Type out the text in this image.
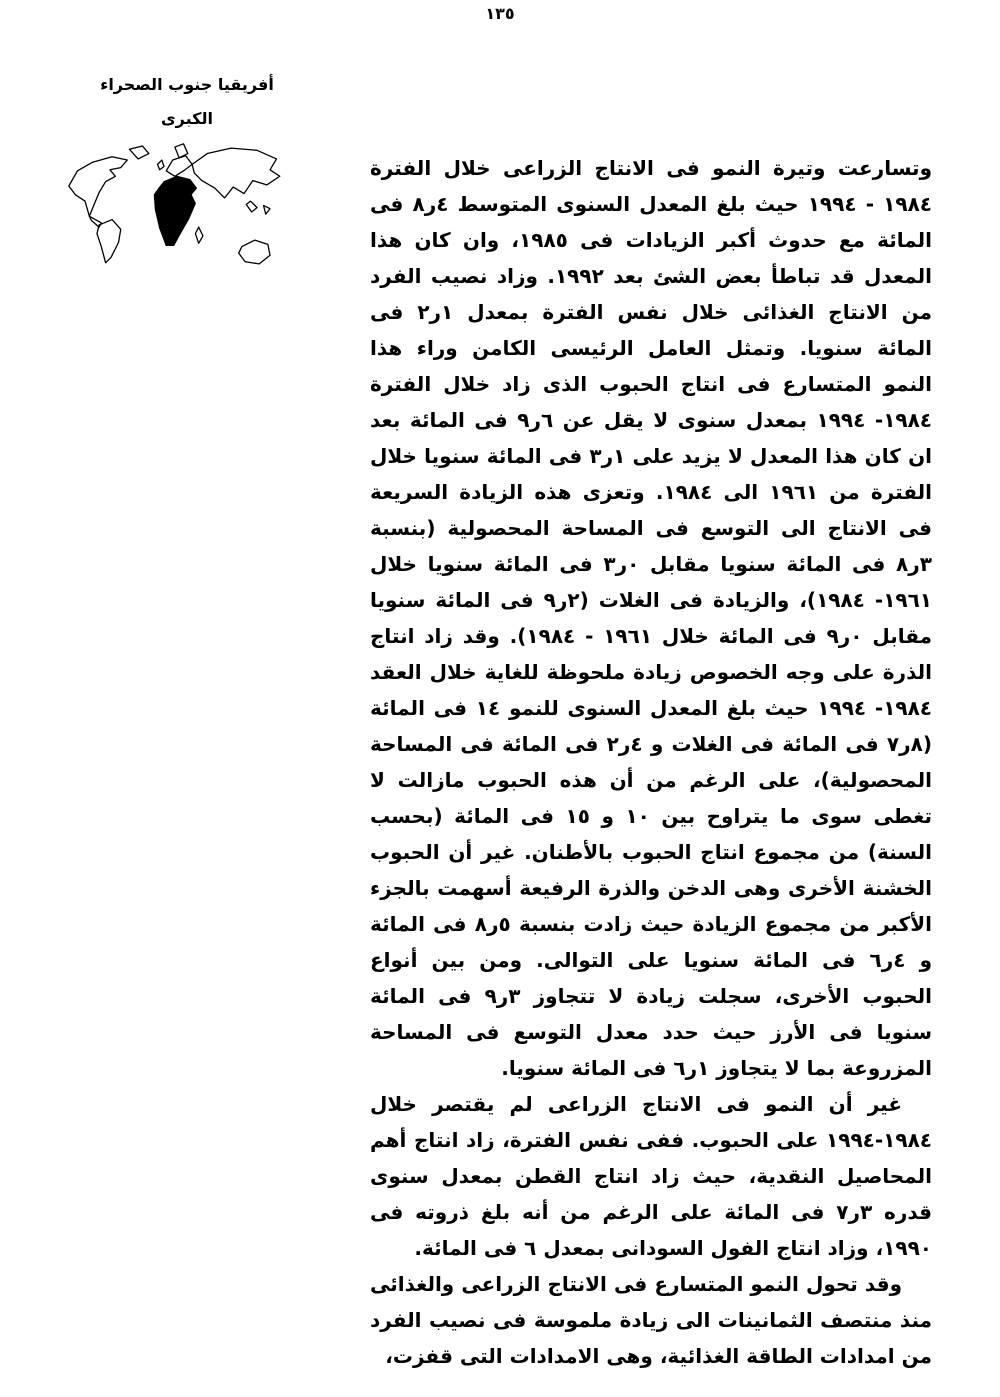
١٣٥
أفريقيا جنوب الصحراء
الكبرى

وتسارعت وتيرة النمو فى الانتاج الزراعى خلال الفترة ١٩٨٤ - ١٩٩٤ حيث بلغ المعدل السنوى المتوسط ٤ر٨ فى المائة مع حدوث أكبر الزيادات فى ١٩٨٥، وان كان هذا المعدل قد تباطأ بعض الشئ بعد ١٩٩٢. وزاد نصيب الفرد من الانتاج الغذائى خلال نفس الفترة بمعدل ١ر٢ فى المائة سنويا. وتمثل العامل الرئيسى الكامن وراء هذا النمو المتسارع فى انتاج الحبوب الذى زاد خلال الفترة ١٩٨٤- ١٩٩٤ بمعدل سنوى لا يقل عن ٦ر٩ فى المائة بعد ان كان هذا المعدل لا يزيد على ١ر٣ فى المائة سنويا خلال الفترة من ١٩٦١ الى ١٩٨٤. وتعزى هذه الزيادة السريعة فى الانتاج الى التوسع فى المساحة المحصولية (بنسبة ٣ر٨ فى المائة سنويا مقابل ٠ر٣ فى المائة سنويا خلال ١٩٦١- ١٩٨٤)، والزيادة فى الغلات (٢ر٩ فى المائة سنويا مقابل ٠ر٩ فى المائة خلال ١٩٦١ - ١٩٨٤). وقد زاد انتاج الذرة على وجه الخصوص زيادة ملحوظة للغاية خلال العقد ١٩٨٤- ١٩٩٤ حيث بلغ المعدل السنوى للنمو ١٤ فى المائة (٨ر٧ فى المائة فى الغلات و ٤ر٢ فى المائة فى المساحة المحصولية)، على الرغم من أن هذه الحبوب مازالت لا تغطى سوى ما يتراوح بين ١٠ و ١٥ فى المائة (بحسب السنة) من مجموع انتاج الحبوب بالأطنان. غير أن الحبوب الخشنة الأخرى وهى الدخن والذرة الرفيعة أسهمت بالجزء الأكبر من مجموع الزيادة حيث زادت بنسبة ٥ر٨ فى المائة و ٤ر٦ فى المائة سنويا على التوالى. ومن بين أنواع الحبوب الأخرى، سجلت زيادة لا تتجاوز ٣ر٩ فى المائة سنويا فى الأرز حيث حدد معدل التوسع فى المساحة المزروعة بما لا يتجاوز ١ر٦ فى المائة سنويا.

غير أن النمو فى الانتاج الزراعى لم يقتصر خلال ١٩٨٤-١٩٩٤ على الحبوب. ففى نفس الفترة، زاد انتاج أهم المحاصيل النقدية، حيث زاد انتاج القطن بمعدل سنوى قدره ٣ر٧ فى المائة على الرغم من أنه بلغ ذروته فى ١٩٩٠، وزاد انتاج الفول السودانى بمعدل ٦ فى المائة.

وقد تحول النمو المتسارع فى الانتاج الزراعى والغذائى منذ منتصف الثمانينات الى زيادة ملموسة فى نصيب الفرد من امدادات الطاقة الغذائية، وهى الامدادات التى قفزت،
